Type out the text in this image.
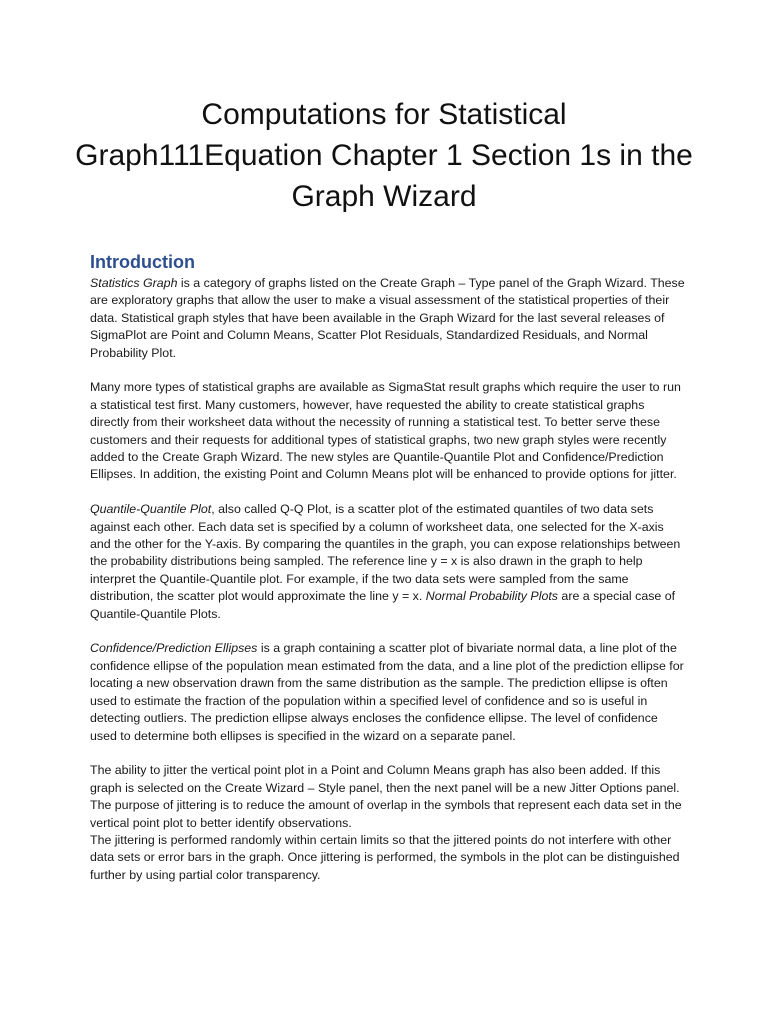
Computations for Statistical
Graph111Equation Chapter 1 Section 1s in the
Graph Wizard
Introduction

Statistics Graph is a category of graphs listed on the Create Graph – Type panel of the Graph Wizard. These are exploratory graphs that allow the user to make a visual assessment of the statistical properties of their data. Statistical graph styles that have been available in the Graph Wizard for the last several releases of SigmaPlot are Point and Column Means, Scatter Plot Residuals, Standardized Residuals, and Normal Probability Plot.

Many more types of statistical graphs are available as SigmaStat result graphs which require the user to run a statistical test first. Many customers, however, have requested the ability to create statistical graphs directly from their worksheet data without the necessity of running a statistical test. To better serve these customers and their requests for additional types of statistical graphs, two new graph styles were recently added to the Create Graph Wizard. The new styles are Quantile-Quantile Plot and Confidence/Prediction Ellipses. In addition, the existing Point and Column Means plot will be enhanced to provide options for jitter.

Quantile-Quantile Plot, also called Q-Q Plot, is a scatter plot of the estimated quantiles of two data sets against each other. Each data set is specified by a column of worksheet data, one selected for the X-axis and the other for the Y-axis. By comparing the quantiles in the graph, you can expose relationships between the probability distributions being sampled. The reference line y = x is also drawn in the graph to help interpret the Quantile-Quantile plot. For example, if the two data sets were sampled from the same distribution, the scatter plot would approximate the line y = x. Normal Probability Plots are a special case of Quantile-Quantile Plots.

Confidence/Prediction Ellipses is a graph containing a scatter plot of bivariate normal data, a line plot of the confidence ellipse of the population mean estimated from the data, and a line plot of the prediction ellipse for locating a new observation drawn from the same distribution as the sample. The prediction ellipse is often used to estimate the fraction of the population within a specified level of confidence and so is useful in detecting outliers. The prediction ellipse always encloses the confidence ellipse. The level of confidence used to determine both ellipses is specified in the wizard on a separate panel.

The ability to jitter the vertical point plot in a Point and Column Means graph has also been added. If this graph is selected on the Create Wizard – Style panel, then the next panel will be a new Jitter Options panel. The purpose of jittering is to reduce the amount of overlap in the symbols that represent each data set in the vertical point plot to better identify observations.

The jittering is performed randomly within certain limits so that the jittered points do not interfere with other data sets or error bars in the graph. Once jittering is performed, the symbols in the plot can be distinguished further by using partial color transparency.
